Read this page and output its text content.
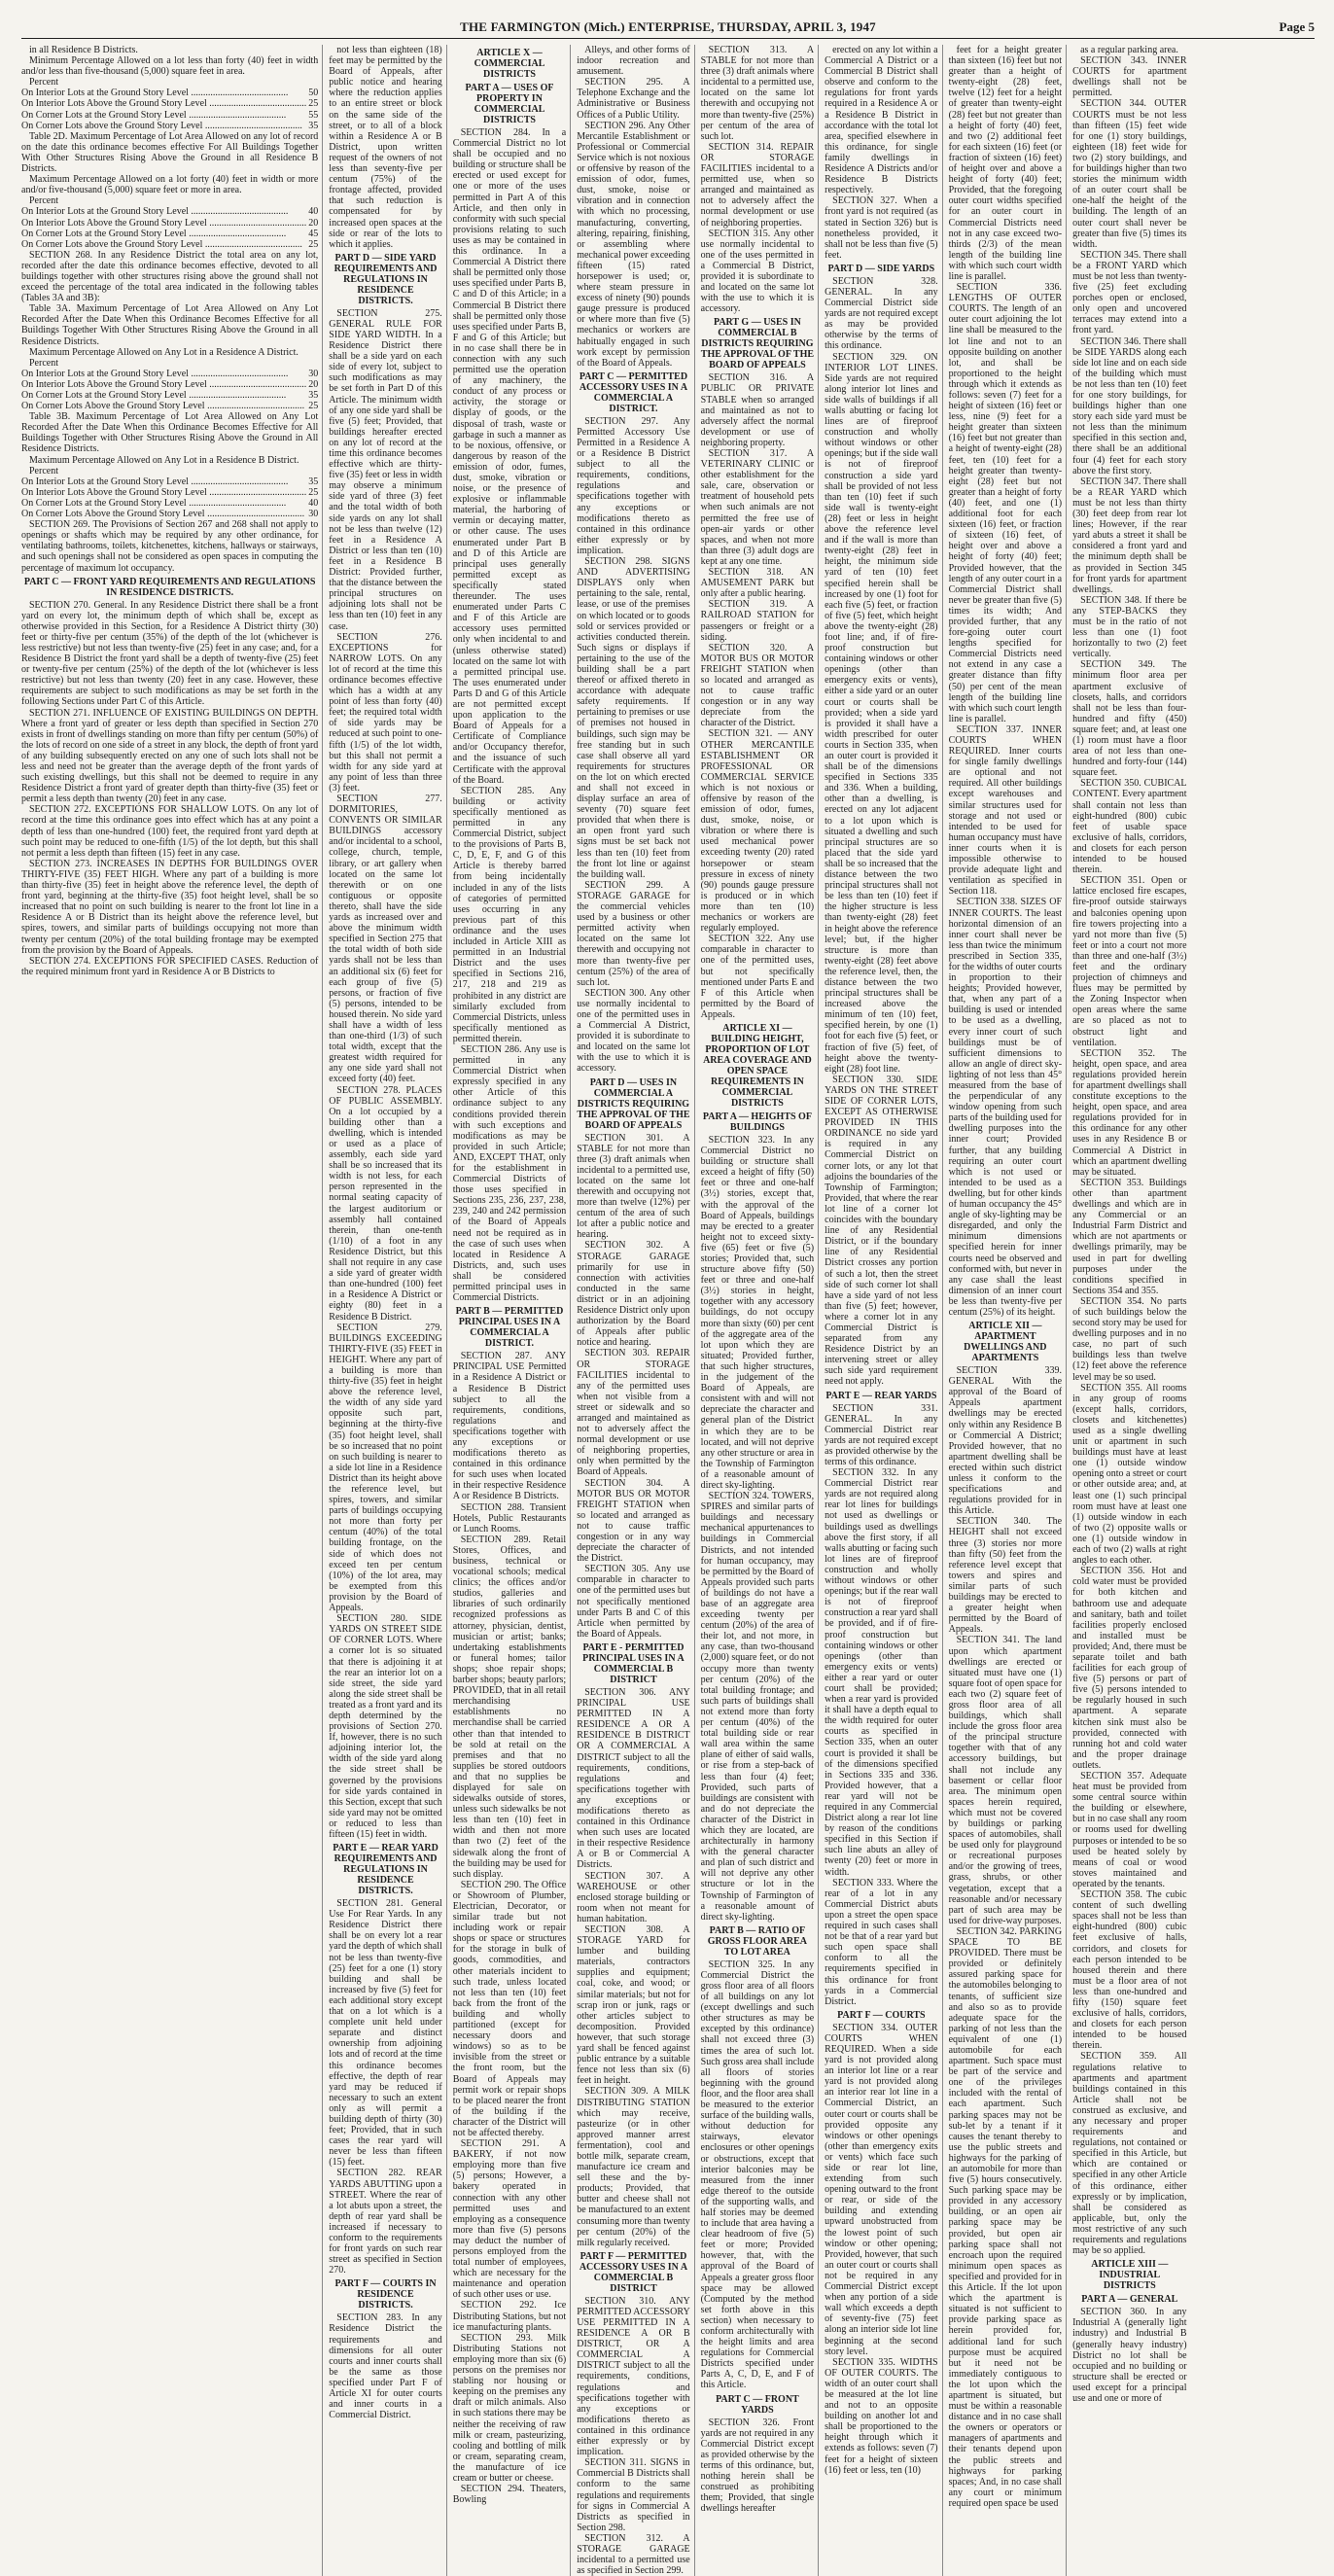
THE FARMINGTON (Mich.) ENTERPRISE, THURSDAY, APRIL 3, 1947	Page 5

in all Residence B Districts.

Minimum Percentage Allowed on a lot less than forty (40) feet in width and/or less than five-thousand (5,000) square feet in area.

Percent

On Interior Lots at the Ground Story Level .....	50
On Interior Lots Above the Ground Story Level .....	25
On Corner Lots at the Ground Story Level .....	55
On Corner Lots above the Ground Story Level .....	35

Table 2D. Maximum Percentage of Lot Area Allowed on any lot of record on the date this ordinance becomes effective For All Buildings Together With Other Structures Rising Above the Ground in all Residence B Districts.

Maximum Percentage Allowed on a lot forty (40) feet in width or more and/or five-thousand (5,000) square feet or more in area.

Percent

On Interior Lots at the Ground Story Level .....	40
On Interior Lots Above the Ground Story Level .....	20
On Corner Lots at the Ground Story Level .....	45
On Corner Lots above the Ground Story Level .....	25

SECTION 268. In any Residence District the total area on any lot, recorded after the date this ordinance becomes effective, devoted to all buildings together with other structures rising above the ground shall not exceed the percentage of the total area indicated in the following tables (Tables 3A and 3B):

Table 3A. Maximum Percentage of Lot Area Allowed on Any Lot Recorded After the Date When this Ordinance Becomes Effective for all Buildings Together With Other Structures Rising Above the Ground in all Residence Districts.

Maximum Percentage Allowed on Any Lot in a Residence A District.

Percent

On Interior Lots at the Ground Story Level .....	30
On Interior Lots Above the Ground Story Level .....	20
On Corner Lots at the Ground Story Level .....	35
On Corner Lots Above the Ground Story Level .....	25

Table 3B. Maximum Percentage of Lot Area Allowed on Any Lot Recorded After the Date When this Ordinance Becomes Effective for All Buildings Together with Other Structures Rising Above the Ground in All Residence Districts.

Maximum Percentage Allowed on Any Lot in a Residence B District.

Percent

On Interior Lots at the Ground Story Level .....	35
On Interior Lots Above the Ground Story Level .....	25
On Corner Lots at the Ground Story Level .....	40
On Corner Lots Above the Ground Story Level .....	30

SECTION 269. The Provisions of Section 267 and 268 shall not apply to openings or shafts which may be required by any other ordinance, for ventilating bathrooms, toilets, kitchenettes, kitchens, hallways or stairways, and such openings shall not be considered as open spaces in computing the percentage of maximum lot occupancy.

PART C — FRONT YARD REQUIREMENTS AND REGULATIONS IN RESIDENCE DISTRICTS.

SECTION 270. General. In any Residence District there shall be a front yard on every lot, the minimum depth of which shall be, except as otherwise provided in this Section, for a Residence A District thirty (30) feet or thirty-five per centum (35%) of the depth of the lot (whichever is less restrictive) but not less than twenty-five (25) feet in any case; and, for a Residence B District the front yard shall be a depth of twenty-five (25) feet or twenty-five per centum (25%) of the depth of the lot (whichever is less restrictive) but not less than twenty (20) feet in any case. However, these requirements are subject to such modifications as may be set forth in the following Sections under Part C of this Article.

SECTION 271. INFLUENCE OF EXISTING BUILDINGS ON DEPTH. Where a front yard of greater or less depth than specified in Section 270 exists in front of dwellings standing on more than fifty per centum (50%) of the lots of record on one side of a street in any block, the depth of front yard of any building subsequently erected on any one of such lots shall not be less and need not be greater than the average depth of the front yards of such existing dwellings, but this shall not be deemed to require in any Residence District a front yard of greater depth than thirty-five (35) feet or permit a less depth than twenty (20) feet in any case.

SECTION 272. EXCEPTIONS FOR SHALLOW LOTS. On any lot of record at the time this ordinance goes into effect which has at any point a depth of less than one-hundred (100) feet, the required front yard depth at such point may be reduced to one-fifth (1/5) of the lot depth, but this shall not permit a less depth than fifteen (15) feet in any case.

SECTION 273. INCREASES IN DEPTHS FOR BUILDINGS OVER THIRTY-FIVE (35) FEET HIGH. Where any part of a building is more than thirty-five (35) feet in height above the reference level, the depth of front yard, beginning at the thirty-five (35) foot height level, shall be so increased that no point on such building is nearer to the front lot line in a Residence A or B District than its height above the reference level, but spires, towers, and similar parts of buildings occupying not more than twenty per centum (20%) of the total building frontage may be exempted from the provision by the Board of Appeals.

SECTION 274. EXCEPTIONS FOR SPECIFIED CASES. Reduction of the required minimum front yard in Residence A or B Districts to

not less than eighteen (18) feet may be permitted by the Board of Appeals, after public notice and hearing where the reduction applies to an entire street or block on the same side of the street, or to all of a block within a Residence A or B District, upon written request of the owners of not less than seventy-five per centum (75%) of the frontage affected, provided that such reduction is compensated for by increased open spaces at the side or rear of the lots to which it applies.

PART D — SIDE YARD REQUIREMENTS AND REGULATIONS IN RESIDENCE DISTRICTS.

SECTION 275. GENERAL RULE FOR SIDE YARD WIDTH. In a Residence District there shall be a side yard on each side of every lot, subject to such modifications as may be set forth in Part D of this Article. The minimum width of any one side yard shall be five (5) feet; Provided, that buildings hereafter erected on any lot of record at the time this ordinance becomes effective which are thirty-five (35) feet or less in width may observe a minimum side yard of three (3) feet and the total width of both side yards on any lot shall not be less than twelve (12) feet in a Residence A District or less than ten (10) feet in a Residence B District: Provided further, that the distance between the principal structures on adjoining lots shall not be less than ten (10) feet in any case.

SECTION 276. EXCEPTIONS for NARROW LOTS. On any lot of record at the time this ordinance becomes effective which has a width at any point of less than forty (40) feet; the required total width of side yards may be reduced at such point to one-fifth (1/5) of the lot width, but this shall not permit a width for any side yard at any point of less than three (3) feet.

SECTION 277. DORMITORIES, CONVENTS OR SIMILAR BUILDINGS accessory and/or incidental to a school, college, church, temple, library, or art gallery when located on the same lot therewith or on one contiguous or opposite thereto, shall have the side yards as increased over and above the minimum width specified in Section 275 that the total width of both side yards shall not be less than an additional six (6) feet for each group of five (5) persons, or fraction of five (5) persons, intended to be housed therein. No side yard shall have a width of less than one-third (1/3) of such total width, except that the greatest width required for any one side yard shall not exceed forty (40) feet.

SECTION 278. PLACES OF PUBLIC ASSEMBLY. On a lot occupied by a building other than a dwelling, which is intended or used as a place of assembly, each side yard shall be so increased that its width is not less, for each person represented in the normal seating capacity of the largest auditorium or assembly hall contained therein, than one-tenth (1/10) of a foot in any Residence District, but this shall not require in any case a side yard of greater width than one-hundred (100) feet in a Residence A District or eighty (80) feet in a Residence B District.

SECTION 279. BUILDINGS EXCEEDING THIRTY-FIVE (35) FEET in HEIGHT. Where any part of a building is more than thirty-five (35) feet in height above the reference level, the width of any side yard opposite such part, beginning at the thirty-five (35) foot height level, shall be so increased that no point on such building is nearer to a side lot line in a Residence District than its height above the reference level, but spires, towers, and similar parts of buildings occupying not more than forty per centum (40%) of the total building frontage, on the side of which does not exceed ten per centum (10%) of the lot area, may be exempted from this provision by the Board of Appeals.

SECTION 280. SIDE YARDS ON STREET SIDE OF CORNER LOTS. Where a corner lot is so situated that there is adjoining it at the rear an interior lot on a side street, the side yard along the side street shall be treated as a front yard and its depth determined by the provisions of Section 270. If, however, there is no such adjoining interior lot, the width of the side yard along the side street shall be governed by the provisions for side yards contained in this Section, except that such side yard may not be omitted or reduced to less than fifteen (15) feet in width.

PART E — REAR YARD REQUIREMENTS AND REGULATIONS IN RESIDENCE DISTRICTS.

SECTION 281. General Use For Rear Yards. In any Residence District there shall be on every lot a rear yard the depth of which shall not be less than twenty-five (25) feet for a one (1) story building and shall be increased by five (5) feet for each additional story except that on a lot which is a complete unit held under separate and distinct ownership from adjoining lots and of record at the time this ordinance becomes effective, the depth of rear yard may be reduced if necessary to such an extent only as will permit a building depth of thirty (30) feet; Provided, that in such cases the rear yard will never be less than fifteen (15) feet.

SECTION 282. REAR YARDS ABUTTING upon a STREET. Where the rear of a lot abuts upon a street, the depth of rear yard shall be increased if necessary to conform to the requirements for front yards on such rear street as specified in Section 270.

PART F — COURTS IN RESIDENCE DISTRICTS.

SECTION 283. In any Residence District the requirements and dimensions for all outer courts and inner courts shall be the same as those specified under Part F of Article XI for outer courts and inner courts in a Commercial District.

ARTICLE X — COMMERCIAL DISTRICTS
PART A — USES OF PROPERTY IN COMMERCIAL DISTRICTS

SECTION 284. In a Commercial District no lot shall be occupied and no building or structure shall be erected or used except for one or more of the uses permitted in Part A of this Article, and then only in conformity with such special provisions relating to such uses as may be contained in this ordinance. In a Commercial A District there shall be permitted only those uses specified under Parts B, C and D of this Article; in a Commercial B District there shall be permitted only those uses specified under Parts B, F and G of this Article; but in no case shall there be in connection with any such permitted use the operation of any machinery, the conduct of any process or activity, the storage or display of goods, or the disposal of trash, waste or garbage in such a manner as to be noxious, offensive, or dangerous by reason of the emission of odor, fumes, dust, smoke, vibration or noise, or the presence of explosive or inflammable material, the harboring of vermin or decaying matter, or other cause. The uses enumerated under Part B and D of this Article are principal uses generally permitted except as specifically stated thereunder. The uses enumerated under Parts C and F of this Article are accessory uses permitted only when incidental to and (unless otherwise stated) located on the same lot with a permitted principal use. The uses enumerated under Parts D and G of this Article are not permitted except upon application to the Board of Appeals for a Certificate of Compliance and/or Occupancy therefor, and the issuance of such Certificate with the approval of the Board.

SECTION 285. Any building or activity specifically mentioned as permitted in any Commercial District, subject to the provisions of Parts B, C, D, E, F, and G of this Article is thereby barred from being incidentally included in any of the lists of categories of permitted uses occurring in any previous part of this ordinance and the uses included in Article XIII as permitted in an Industrial District and the uses specified in Sections 216, 217, 218 and 219 as prohibited in any district are similarly excluded from Commercial Districts, unless specifically mentioned as permitted therein.

SECTION 286. Any use is permitted in any Commercial District when expressly specified in any other Article of this ordinance subject to any conditions provided therein with such exceptions and modifications as may be provided in such Article; AND, EXCEPT THAT, only for the establishment in Commercial Districts of those uses specified in Sections 235, 236, 237, 238, 239, 240 and 242 permission of the Board of Appeals need not be required as in the case of such uses when located in Residence A Districts, and, such uses shall be considered permitted principal uses in Commercial Districts.

PART B — PERMITTED PRINCIPAL USES IN A COMMERCIAL A DISTRICT.

SECTION 287. ANY PRINCIPAL USE Permitted in a Residence A District or a Residence B District subject to all the requirements, conditions, regulations and specifications together with any exceptions or modifications thereto as contained in this ordinance for such uses when located in their respective Residence A or Residence B Districts.

SECTION 288. Transient Hotels, Public Restaurants or Lunch Rooms.

SECTION 289. Retail Stores, Offices, and business, technical or vocational schools; medical clinics; the offices and/or studios, galleries and libraries of such ordinarily recognized professions as attorney, physician, dentist, musician or artist; banks; undertaking establishments or funeral homes; tailor shops; shoe repair shops; barber shops; beauty parlors; PROVIDED, that in all retail merchandising establishments no merchandise shall be carried other than that intended to be sold at retail on the premises and that no supplies be stored outdoors and that no supplies be displayed for sale on sidewalks outside of stores, unless such sidewalks be not less than ten (10) feet in width and then not more than two (2) feet of the sidewalk along the front of the building may be used for such display.

SECTION 290. The Office or Showroom of Plumber, Electrician, Decorator, or similar trade but not including work or repair shops or space or structures for the storage in bulk of goods, commodities, and other materials incident to such trade, unless located not less than ten (10) feet back from the front of the building and wholly partitioned (except for necessary doors and windows) so as to be invisible from the street or the front room, but the Board of Appeals may permit work or repair shops to be placed nearer the front of the building if the character of the District will not be affected thereby.

SECTION 291. A BAKERY, if not now employing more than five (5) persons; However, a bakery operated in connection with any other permitted uses and employing as a consequence more than five (5) persons may deduct the number of persons employed from the total number of employees, which are necessary for the maintenance and operation of such other uses or use.

SECTION 292. Ice Distributing Stations, but not ice manufacturing plants.

SECTION 293. Milk Distributing Stations not employing more than six (6) persons on the premises nor stabling nor housing or keeping on the premises any draft or milch animals. Also in such stations there may be neither the receiving of raw milk or cream, pasteurizing, cooling and bottling of milk or cream, separating cream, the manufacture of ice cream or butter or cheese.

SECTION 294. Theaters, Bowling

Alleys, and other forms of indoor recreation and amusement.

SECTION 295. A Telephone Exchange and the Administrative or Business Offices of a Public Utility.

SECTION 296. Any Other Mercantile Establishment or Professional or Commercial Service which is not noxious or offensive by reason of the emission of odor, fumes, dust, smoke, noise or vibration and in connection with which no processing, manufacturing, converting, altering, repairing, finishing, or assembling where mechanical power exceeding fifteen (15) rated horsepower is used; or, where steam pressure in excess of ninety (90) pounds gauge pressure is produced or where more than five (5) mechanics or workers are habitually engaged in such work except by permission of the Board of Appeals.

PART C — PERMITTED ACCESSORY USES IN A COMMERCIAL A DISTRICT.

SECTION 297. Any Permitted Accessory Use Permitted in a Residence A or a Residence B District subject to all the requirements, conditions, regulations and specifications together with any exceptions or modifications thereto as contained in this ordinance either expressly or by implication.

SECTION 298. SIGNS AND ADVERTISING DISPLAYS only when pertaining to the sale, rental, lease, or use of the premises on which located or to goods sold or services provided or activities conducted therein. Such signs or displays if pertaining to the use of the building shall be a part thereof or affixed thereto in accordance with adequate safety requirements. If pertaining to premises or use of premises not housed in buildings, such sign may be free standing but in such case shall observe all yard requirements for structures on the lot on which erected and shall not exceed in display surface an area of seventy (70) square feet provided that when there is an open front yard such signs must be set back not less than ten (10) feet from the front lot line or against the building wall.

SECTION 299. A STORAGE GARAGE for the commercial vehicles used by a business or other permitted activity when located on the same lot therewith and occupying not more than twenty-five per centum (25%) of the area of such lot.

SECTION 300. Any other use normally incidental to one of the permitted uses in a Commercial A District, provided it is subordinate to and located on the same lot with the use to which it is accessory.

PART D — USES IN COMMERCIAL A DISTRICTS REQUIRING THE APPROVAL OF THE BOARD OF APPEALS

SECTION 301. A STABLE for not more than three (3) draft animals when incidental to a permitted use, located on the same lot therewith and occupying not more than twelve (12%) per centum of the area of such lot after a public notice and hearing.

SECTION 302. A STORAGE GARAGE primarily for use in connection with activities conducted in the same district or in an adjoining Residence District only upon authorization by the Board of Appeals after public notice and hearing.

SECTION 303. REPAIR OR STORAGE FACILITIES incidental to any of the permitted uses when not visible from a street or sidewalk and so arranged and maintained as not to adversely affect the normal development or use of neighboring properties, only when permitted by the Board of Appeals.

SECTION 304. A MOTOR BUS OR MOTOR FREIGHT STATION when so located and arranged as not to cause traffic congestion or in any way depreciate the character of the District.

SECTION 305. Any use comparable in character to one of the permitted uses but not specifically mentioned under Parts B and C of this Article when permitted by the Board of Appeals.

PART E - PERMITTED PRINCIPAL USES IN A COMMERCIAL B DISTRICT

SECTION 306. ANY PRINCIPAL USE PERMITTED IN A RESIDENCE A OR A RESIDENCE B DISTRICT OR A COMMERCIAL A DISTRICT subject to all the requirements, conditions, regulations and specifications together with any exceptions or modifications thereto as contained in this Ordinance when such uses are located in their respective Residence A or B or Commercial A Districts.

SECTION 307. A WAREHOUSE or other enclosed storage building or room when not meant for human habitation.

SECTION 308. A STORAGE YARD for lumber and building materials, contractors supplies and equipment; coal, coke, and wood; or similar materials; but not for scrap iron or junk, rags or other articles subject to decomposition. Provided however, that such storage yard shall be fenced against public entrance by a suitable fence not less than six (6) feet in height.

SECTION 309. A MILK DISTRIBUTING STATION which may receive, pasteurize (or in other approved manner arrest fermentation), cool and bottle milk, separate cream, manufacture ice cream and sell these and the by-products; Provided, that butter and cheese shall not be manufactured to an extent consuming more than twenty per centum (20%) of the milk regularly received.

PART F — PERMITTED ACCESSORY USES IN A COMMERCIAL B DISTRICT

SECTION 310. ANY PERMITTED ACCESSORY USE PERMITTED IN A RESIDENCE A OR B DISTRICT, OR A COMMERCIAL A DISTRICT subject to all the requirements, conditions, regulations and specifications together with any exceptions or modifications thereto as contained in this ordinance either expressly or by implication.

SECTION 311. SIGNS in Commercial B Districts shall conform to the same regulations and requirements for signs in Commercial A Districts as specified in Section 298.

SECTION 312. A STORAGE GARAGE incidental to a permitted use as specified in Section 299.

SECTION 313. A STABLE for not more than three (3) draft animals where incidental to a permitted use, located on the same lot therewith and occupying not more than twenty-five (25%) per centum of the area of such lot.

SECTION 314. REPAIR OR STORAGE FACILITIES incidental to a permitted use, when so arranged and maintained as not to adversely affect the normal development or use of neighboring properties.

SECTION 315. Any other use normally incidental to one of the uses permitted in a Commercial B District, provided it is subordinate to and located on the same lot with the use to which it is accessory.

PART G — USES IN COMMERCIAL B DISTRICTS REQUIRING THE APPROVAL OF THE BOARD OF APPEALS

SECTION 316. A PUBLIC OR PRIVATE STABLE when so arranged and maintained as not to adversely affect the normal development or use of neighboring property.

SECTION 317. A VETERINARY CLINIC or other establishment for the sale, care, observation or treatment of household pets when such animals are not permitted the free use of open-air yards or other spaces, and when not more than three (3) adult dogs are kept at any one time.

SECTION 318. AN AMUSEMENT PARK but only after a public hearing.

SECTION 319. A RAILROAD STATION for passengers or freight or a siding.

SECTION 320. A MOTOR BUS OR MOTOR FREIGHT STATION when so located and arranged as not to cause traffic congestion or in any way depreciate from the character of the District.

SECTION 321. — ANY OTHER MERCANTILE ESTABLISHMENT OR PROFESSIONAL OR COMMERCIAL SERVICE which is not noxious or offensive by reason of the emission of odor, fumes, dust, smoke, noise, or vibration or where there is used mechanical power exceeding twenty (20) rated horsepower or steam pressure in excess of ninety (90) pounds gauge pressure is produced or in which more than ten (10) mechanics or workers are regularly employed.

SECTION 322. Any use comparable in character to one of the permitted uses, but not specifically mentioned under Parts E and F of this Article when permitted by the Board of Appeals.

ARTICLE XI — BUILDING HEIGHT, PROPORTION OF LOT AREA COVERAGE AND OPEN SPACE REQUIREMENTS IN COMMERCIAL DISTRICTS
PART A — HEIGHTS OF BUILDINGS

SECTION 323. In any Commercial District no building or structure shall exceed a height of fifty (50) feet or three and one-half (3½) stories, except that, with the approval of the Board of Appeals, buildings may be erected to a greater height not to exceed sixty-five (65) feet or five (5) stories; Provided that, such structure above fifty (50) feet or three and one-half (3½) stories in height, together with any accessory buildings, do not occupy more than sixty (60) per cent of the aggregate area of the lot upon which they are situated; Provided further, that such higher structures, in the judgement of the Board of Appeals, are consistent with and will not depreciate the character and general plan of the District in which they are to be located, and will not deprive any other structure or area in the Township of Farmington of a reasonable amount of direct sky-lighting.

SECTION 324. TOWERS, SPIRES and similar parts of buildings and necessary mechanical appurtenances to buildings in Commercial Districts, and not intended for human occupancy, may be permitted by the Board of Appeals provided such parts of buildings do not have a base of an aggregate area exceeding twenty per centum (20%) of the area of their lot, and not more, in any case, than two-thousand (2,000) square feet, or do not occupy more than twenty per centum (20%) of the total building frontage; and such parts of buildings shall not extend more than forty per centum (40%) of the total building side or rear wall area within the same plane of either of said walls, or rise from a step-back of less than four (4) feet; Provided, such parts of buildings are consistent with and do not depreciate the character of the District in which they are located, are architecturally in harmony with the general character and plan of such district and will not deprive any other structure or lot in the Township of Farmington of a reasonable amount of direct sky-lighting.

PART B — RATIO OF GROSS FLOOR AREA TO LOT AREA

SECTION 325. In any Commercial District the gross floor area of all floors of all buildings on any lot (except dwellings and such other structures as may be excepted by this ordinance) shall not exceed three (3) times the area of such lot. Such gross area shall include all floors of stories beginning with the ground floor, and the floor area shall be measured to the exterior surface of the building walls, without deduction for stairways, elevator enclosures or other openings or obstructions, except that interior balconies may be measured from the inner edge thereof to the outside of the supporting walls, and half stories may be deemed to include that area having a clear headroom of five (5) feet or more; Provided however, that, with the approval of the Board of Appeals a greater gross floor space may be allowed (Computed by the method set forth above in this section) when necessary to conform architecturally with the height limits and area regulations for Commercial Districts specified under Parts A, C, D, E, and F of this Article.

PART C — FRONT YARDS

SECTION 326. Front yards are not required in any Commercial District except as provided otherwise by the terms of this ordinance, but, nothing herein shall be construed as prohibiting them; Provided, that single dwellings hereafter

erected on any lot within a Commercial A District or a Commercial B District shall observe and conform to the regulations for front yards required in a Residence A or a Residence B District in accordance with the total lot area, specified elsewhere in this ordinance, for single family dwellings in Residence A Districts and/or Residence B Districts respectively.

SECTION 327. When a front yard is not required (as stated in Section 326) but is nonetheless provided, it shall not be less than five (5) feet.

PART D — SIDE YARDS

SECTION 328. GENERAL. In any Commercial District side yards are not required except as may be provided otherwise by the terms of this ordinance.

SECTION 329. ON INTERIOR LOT LINES. Side yards are not required along interior lot lines and side walls of buildings if all walls abutting or facing lot lines are of fireproof construction and wholly without windows or other openings; but if the side wall is not of fireproof construction a side yard shall be provided of not less than ten (10) feet if such side wall is twenty-eight (28) feet or less in height above the reference level and if the wall is more than twenty-eight (28) feet in height, the minimum side yard of ten (10) feet specified herein shall be increased by one (1) foot for each five (5) feet, or fraction of five (5) feet, which height above the twenty-eight (28) foot line; and, if of fire-proof construction but containing windows or other openings (other than emergency exits or vents), either a side yard or an outer court or courts shall be provided; when a side yard is provided it shall have a width prescribed for outer courts in Section 335, when an outer court is provided it shall be of the dimensions specified in Sections 335 and 336. When a building, other than a dwelling, is erected on any lot adjacent to a lot upon which is situated a dwelling and such principal structures are so placed that the side yard shall be so increased that the distance between the two principal structures shall not be less than ten (10) feet if the higher structure is less than twenty-eight (28) feet in height above the reference level; but, if the higher structure is more than twenty-eight (28) feet above the reference level, then, the distance between the two principal structures shall be increased above the minimum of ten (10) feet, specified herein, by one (1) foot for each five (5) feet, or fraction of five (5) feet, of height above the twenty-eight (28) foot line.

SECTION 330. SIDE YARDS ON THE STREET SIDE OF CORNER LOTS, EXCEPT AS OTHERWISE PROVIDED IN THIS ORDINANCE no side yard is required in any Commercial District on corner lots, or any lot that adjoins the boundaries of the Township of Farmington; Provided, that where the rear lot line of a corner lot coincides with the boundary line of any Residential District, or if the boundary line of any Residential District crosses any portion of such a lot, then the street side of such corner lot shall have a side yard of not less than five (5) feet; however, where a corner lot in any Commercial District is separated from any Residence District by an intervening street or alley such side yard requirement need not apply.

PART E — REAR YARDS

SECTION 331. GENERAL. In any Commercial District rear yards are not required except as provided otherwise by the terms of this ordinance.

SECTION 332. In any Commercial District rear yards are not required along rear lot lines for buildings not used as dwellings or buildings used as dwellings above the first story, if all walls abutting or facing such lot lines are of fireproof construction and wholly without windows or other openings; but if the rear wall is not of fireproof construction a rear yard shall be provided, and if of fire-proof construction but containing windows or other openings (other than emergency exits or vents) either a rear yard or outer court shall be provided; when a rear yard is provided it shall have a depth equal to the width required for outer courts as specified in Section 335, when an outer court is provided it shall be of the dimensions specified in Sections 335 and 336. Provided however, that a rear yard will not be required in any Commercial District along a rear lot line by reason of the conditions specified in this Section if such line abuts an alley of twenty (20) feet or more in width.

SECTION 333. Where the rear of a lot in any Commercial District abuts upon a street the open space required in such cases shall not be that of a rear yard but such open space shall conform to all the requirements specified in this ordinance for front yards in a Commercial District.

PART F — COURTS

SECTION 334. OUTER COURTS WHEN REQUIRED. When a side yard is not provided along an interior lot line or a rear yard is not provided along an interior rear lot line in a Commercial District, an outer court or courts shall be provided opposite any windows or other openings (other than emergency exits or vents) which face such side or rear lot line, extending from such opening outward to the front or rear, or side of the building and extending upward unobstructed from the lowest point of such window or other opening; Provided, however, that such an outer court or courts shall not be required in any Commercial District except when any portion of a side wall which exceeds a depth of seventy-five (75) feet along an interior side lot line beginning at the second story level.

SECTION 335. WIDTHS OF OUTER COURTS. The width of an outer court shall be measured at the lot line and not to an opposite building on another lot and shall be proportioned to the height through which it extends as follows: seven (7) feet for a height of sixteen (16) feet or less, ten (10)

feet for a height greater than sixteen (16) feet but not greater than a height of twenty-eight (28) feet, twelve (12) feet for a height of greater than twenty-eight (28) feet but not greater than a height of forty (40) feet, and two (2) additional feet for each sixteen (16) feet (or fraction of sixteen (16) feet) of height over and above a height of forty (40) feet; Provided, that the foregoing outer court widths specified for an outer court in Commercial Districts need not in any case exceed two-thirds (2/3) of the mean length of the building line with which such court width line is parallel.

SECTION 336. LENGTHS OF OUTER COURTS. The length of an outer court adjoining the lot line shall be measured to the lot line and not to an opposite building on another lot, and shall be proportioned to the height through which it extends as follows: seven (7) feet for a height of sixteen (16) feet or less, nine (9) feet for a height greater than sixteen (16) feet but not greater than a height of twenty-eight (28) feet, ten (10) feet for a height greater than twenty-eight (28) feet but not greater than a height of forty (40) feet, and one (1) additional foot for each sixteen (16) feet, or fraction of sixteen (16) feet, of height over and above a height of forty (40) feet; Provided however, that the length of any outer court in a Commercial District shall never be greater than five (5) times its width; And provided further, that any fore-going outer court lengths specified for Commercial Districts need not extend in any case a greater distance than fifty (50) per cent of the mean length of the building line with which such court length line is parallel.

SECTION 337. INNER COURTS WHEN REQUIRED. Inner courts for single family dwellings are optional and not required. All other buildings except warehouses and similar structures used for storage and not used or intended to be used for human occupancy must have inner courts when it is impossible otherwise to provide adequate light and ventilation as specified in Section 118.

SECTION 338. SIZES OF INNER COURTS. The least horizontal dimension of an inner court shall never be less than twice the minimum prescribed in Section 335, for the widths of outer courts in proportion to their heights; Provided however, that, when any part of a building is used or intended to be used as a dwelling, every inner court of such buildings must be of sufficient dimensions to allow an angle of direct sky-lighting of not less than 45° measured from the base of the perpendicular of any window opening from such parts of the building used for dwelling purposes into the inner court; Provided further, that any building requiring an outer court which is not used or intended to be used as a dwelling, but for other kinds of human occupancy the 45° angle of sky-lighting may be disregarded, and only the minimum dimensions specified herein for inner courts need be observed and conformed with, but never in any case shall the least dimension of an inner court be less than twenty-five per centum (25%) of its height.

ARTICLE XII — APARTMENT DWELLINGS AND APARTMENTS

SECTION 339. GENERAL With the approval of the Board of Appeals apartment dwellings may be erected only within any Residence B or Commercial A District; Provided however, that no apartment dwelling shall be erected within such district unless it conform to the specifications and regulations provided for in this Article.

SECTION 340. The HEIGHT shall not exceed three (3) stories nor more than fifty (50) feet from the reference level except that towers and spires and similar parts of such buildings may be erected to a greater height when permitted by the Board of Appeals.

SECTION 341. The land upon which apartment dwellings are erected or situated must have one (1) square foot of open space for each two (2) square feet of gross floor area of all buildings, which shall include the gross floor area of the principal structure together with that of any accessory buildings, but shall not include any basement or cellar floor area. The minimum open spaces herein required, which must not be covered by buildings or parking spaces of automobiles, shall be used only for playground or recreational purposes and/or the growing of trees, grass, shrubs, or other vegetation, except that a reasonable and/or necessary part of such area may be used for drive-way purposes.

SECTION 342. PARKING SPACE TO BE PROVIDED. There must be provided or definitely assured parking space for the automobiles belonging to tenants, of sufficient size and also so as to provide adequate space for the parking of not less than the equivalent of one (1) automobile for each apartment. Such space must be part of the service and one of the privileges included with the rental of each apartment. Such parking spaces may not be sub-let by a tenant if it causes the tenant thereby to use the public streets and highways for the parking of an automobile for more than five (5) hours consecutively. Such parking space may be provided in any accessory building, or an open air parking space may be provided, but open air parking space shall not encroach upon the required minimum open spaces as specified and provided for in this Article. If the lot upon which the apartment is situated is not sufficient to provide parking space as herein provided for, additional land for such purpose must be acquired but it need not be immediately contiguous to the lot upon which the apartment is situated, but must be within a reasonable distance and in no case shall the owners or operators or managers of apartments and their tenants depend upon the public streets and highways for parking spaces; And, in no case shall any court or minimum required open space be used

as a regular parking area.

SECTION 343. INNER COURTS for apartment dwellings shall not be permitted.

SECTION 344. OUTER COURTS must be not less than fifteen (15) feet wide for one (1) story buildings, eighteen (18) feet wide for two (2) story buildings, and for buildings higher than two stories the minimum width of an outer court shall be one-half the height of the building. The length of an outer court shall never be greater than five (5) times its width.

SECTION 345. There shall be a FRONT YARD which must be not less than twenty-five (25) feet excluding porches open or enclosed, only open and uncovered terraces may extend into a front yard.

SECTION 346. There shall be SIDE YARDS along each side lot line and on each side of the building which must be not less than ten (10) feet for one story buildings, for buildings higher than one story each side yard must be not less than the minimum specified in this section and, there shall be an additional four (4) feet for each story above the first story.

SECTION 347. There shall be a REAR YARD which must be not less than thirty (30) feet deep from rear lot lines; However, if the rear yard abuts a street it shall be considered a front yard and the minimum depth shall be as provided in Section 345 for front yards for apartment dwellings.

SECTION 348. If there be any STEP-BACKS they must be in the ratio of not less than one (1) foot horizontally to two (2) feet vertically.

SECTION 349. The minimum floor area per apartment exclusive of closets, halls, and corridors shall not be less than four-hundred and fifty (450) square feet; and, at least one (1) room must have a floor area of not less than one-hundred and forty-four (144) square feet.

SECTION 350. CUBICAL CONTENT. Every apartment shall contain not less than eight-hundred (800) cubic feet of usable space exclusive of halls, corridors, and closets for each person intended to be housed therein.

SECTION 351. Open or lattice enclosed fire escapes, fire-proof outside stairways and balconies opening upon fire towers projecting into a yard not more than five (5) feet or into a court not more than three and one-half (3½) feet and the ordinary projection of chimneys and flues may be permitted by the Zoning Inspector when open areas where the same are so placed as not to obstruct light and ventilation.

SECTION 352. The height, open space, and area regulations provided herein for apartment dwellings shall constitute exceptions to the height, open space, and area regulations provided for in this ordinance for any other uses in any Residence B or Commercial A District in which an apartment dwelling may be situated.

SECTION 353. Buildings other than apartment dwellings and which are in any Commercial or an Industrial Farm District and which are not apartments or dwellings primarily, may be used in part for dwelling purposes under the conditions specified in Sections 354 and 355.

SECTION 354. No parts of such buildings below the second story may be used for dwelling purposes and in no case, no part of such buildings less than twelve (12) feet above the reference level may be so used.

SECTION 355. All rooms in any group of rooms (except halls, corridors, closets and kitchenettes) used as a single dwelling unit or apartment in such buildings must have at least one (1) outside window opening onto a street or court or other outside area; and, at least one (1) such principal room must have at least one (1) outside window in each of two (2) opposite walls or one (1) outside window in each of two (2) walls at right angles to each other.

SECTION 356. Hot and cold water must be provided for both kitchen and bathroom use and adequate and sanitary, bath and toilet facilities properly enclosed and installed must be provided; And, there must be separate toilet and bath facilities for each group of five (5) persons or part of five (5) persons intended to be regularly housed in such apartment. A separate kitchen sink must also be provided, connected with running hot and cold water and the proper drainage outlets.

SECTION 357. Adequate heat must be provided from some central source within the building or elsewhere, but in no case shall any room or rooms used for dwelling purposes or intended to be so used be heated solely by means of coal or wood stoves maintained and operated by the tenants.

SECTION 358. The cubic content of such dwelling spaces shall not be less than eight-hundred (800) cubic feet exclusive of halls, corridors, and closets for each person intended to be housed therein and there must be a floor area of not less than one-hundred and fifty (150) square feet exclusive of halls, corridors, and closets for each person intended to be housed therein.

SECTION 359. All regulations relative to apartments and apartment buildings contained in this Article shall not be construed as exclusive, and any necessary and proper requirements and regulations, not contained or specified in this Article, but which are contained or specified in any other Article of this ordinance, either expressly or by implication, shall be considered as applicable, but, only the most restrictive of any such requirements and regulations may be so applied.

ARTICLE XIII — INDUSTRIAL DISTRICTS
PART A — GENERAL

SECTION 360. In any Industrial A (generally light industry) and Industrial B (generally heavy industry) District no lot shall be occupied and no building or structure shall be erected or used except for a principal use and one or more of
